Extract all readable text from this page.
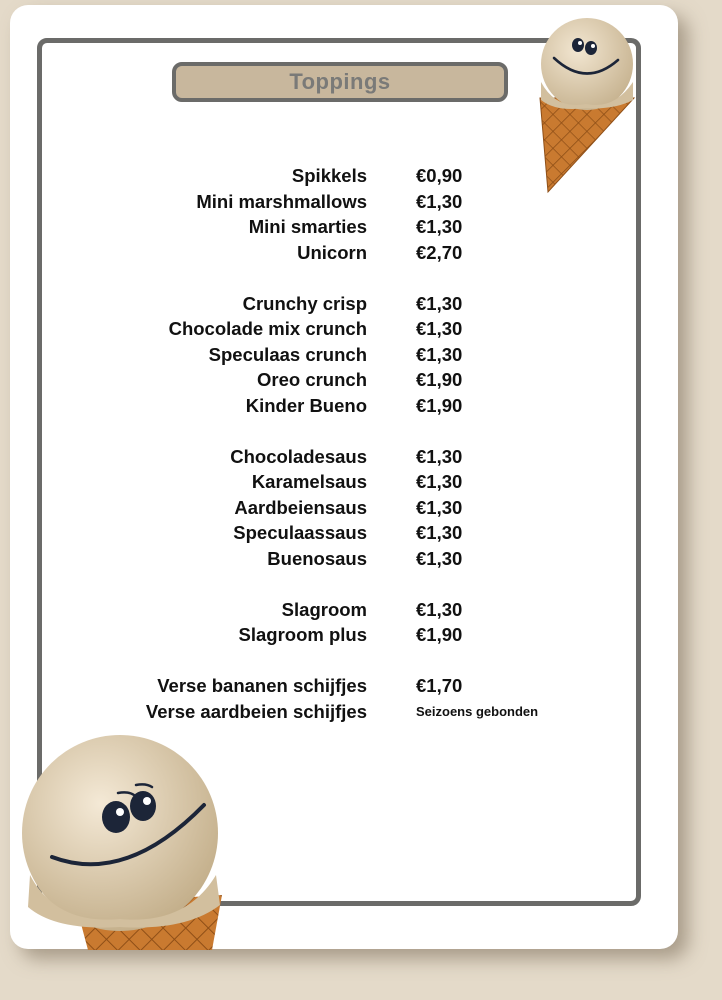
Toppings
Spikkels	€0,90
Mini marshmallows	€1,30
Mini smarties	€1,30
Unicorn	€2,70
Crunchy crisp	€1,30
Chocolade mix crunch	€1,30
Speculaas crunch	€1,30
Oreo crunch	€1,90
Kinder Bueno	€1,90
Chocoladesaus	€1,30
Karamelsaus	€1,30
Aardbeiensaus	€1,30
Speculaassaus	€1,30
Buenosaus	€1,30
Slagroom	€1,30
Slagroom plus	€1,90
Verse bananen schijfjes	€1,70
Verse aardbeien schijfjes	Seizoens gebonden
